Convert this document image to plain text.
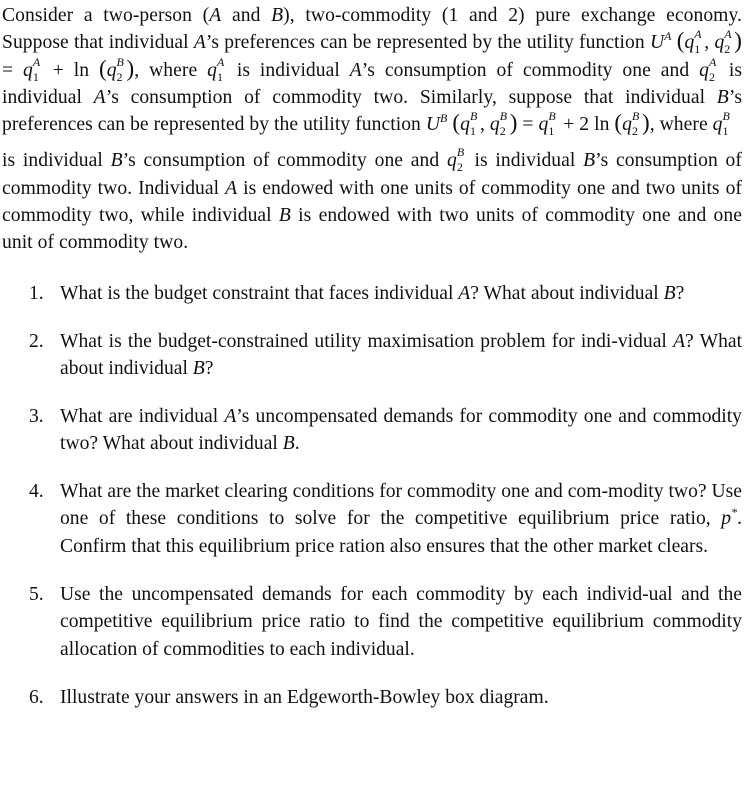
Consider a two-person (A and B), two-commodity (1 and 2) pure exchange economy. Suppose that individual A’s preferences can be represented by the utility function $U^A$ (q A
1 , q A
2 ) = q A
1 + ln (q B
2 ), where q A
1 is individual A’s consumption of commodity one and q A
2 is individual A’s consumption of commodity two. Similarly, suppose that individual B’s preferences can be represented by the utility function $U^B$ (q B
1 , q B
2 ) = q B
1 + 2 ln (q B
2 ), where q B
1

is individual B’s consumption of commodity one and q B
2 is individual B’s consumption of commodity two. Individual A is endowed with one units of commodity one and two units of commodity two, while individual B is endowed with two units of commodity one and one unit of commodity two.

1. What is the budget constraint that faces individual A? What about individual B?
2. What is the budget-constrained utility maximisation problem for indi-vidual A? What about individual B?
3. What are individual A’s uncompensated demands for commodity one and commodity two? What about individual B.
4. What are the market clearing conditions for commodity one and com-modity two? Use one of these conditions to solve for the competitive equilibrium price ratio, p*. Confirm that this equilibrium price ration also ensures that the other market clears.
5. Use the uncompensated demands for each commodity by each individ-ual and the competitive equilibrium price ratio to find the competitive equilibrium commodity allocation of commodities to each individual.
6. Illustrate your answers in an Edgeworth-Bowley box diagram.
